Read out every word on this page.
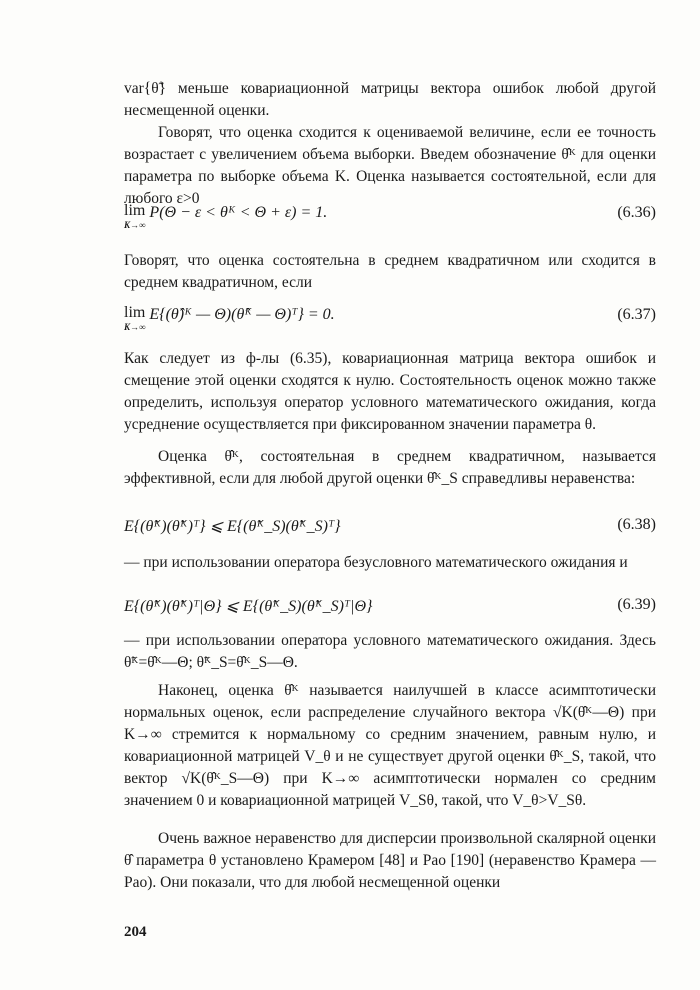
var{θ̃} меньше ковариационной матрицы вектора ошибок любой другой несмещенной оценки.

Говорят, что оценка сходится к оцениваемой величине, если ее точность возрастает с увеличением объема выборки. Введем обозначение θ̂ᴷ для оценки параметра по выборке объема K. Оценка называется состоятельной, если для любого ε>0

lim
K→∞
P(Θ − ε < θᴷ < Θ + ε) = 1.	(6.36)

Говорят, что оценка состоятельна в среднем квадратичном или сходится в среднем квадратичном, если

lim
K→∞
E{(θ̂)ᴷ — Θ)(θ̂ᴷ — Θ)ᵀ} = 0.	(6.37)

Как следует из ф-лы (6.35), ковариационная матрица вектора ошибок и смещение этой оценки сходятся к нулю. Состоятельность оценок можно также определить, используя оператор условного математического ожидания, когда усреднение осуществляется при фиксированном значении параметра θ.

Оценка θ̂ᴷ, состоятельная в среднем квадратичном, называется эффективной, если для любой другой оценки θ̂ᴷ_S справедливы неравенства:

E{(θ̃ᴷ)(θ̃ᴷ)ᵀ} ⩽ E{(θ̃ᴷ_S)(θ̃ᴷ_S)ᵀ}	(6.38)

— при использовании оператора безусловного математического ожидания и

E{(θ̃ᴷ)(θ̃ᴷ)ᵀ|Θ} ⩽ E{(θ̃ᴷ_S)(θ̃ᴷ_S)ᵀ|Θ}	(6.39)

— при использовании оператора условного математического ожидания. Здесь θ̃ᴷ=θ̂ᴷ—Θ; θ̃ᴷ_S=θ̂ᴷ_S—Θ.

Наконец, оценка θ̂ᴷ называется наилучшей в классе асимптотически нормальных оценок, если распределение случайного вектора √K(θ̂ᴷ—Θ) при K→∞ стремится к нормальному со средним значением, равным нулю, и ковариационной матрицей V_θ и не существует другой оценки θ̂ᴷ_S, такой, что вектор √K(θ̂ᴷ_S—Θ) при K→∞ асимптотически нормален со средним значением 0 и ковариационной матрицей V_Sθ, такой, что V_θ>V_Sθ.

Очень важное неравенство для дисперсии произвольной скалярной оценки θ̂ параметра θ установлено Крамером [48] и Рао [190] (неравенство Крамера — Рао). Они показали, что для любой несмещенной оценки

204
